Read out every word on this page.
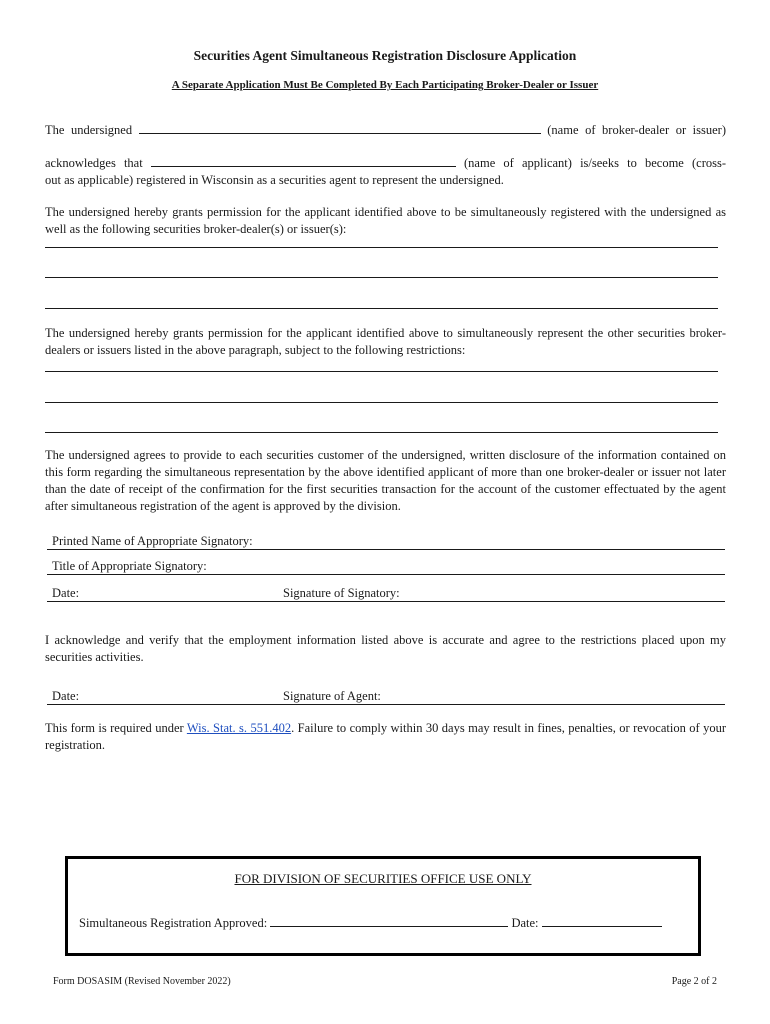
Securities Agent Simultaneous Registration Disclosure Application
A Separate Application Must Be Completed By Each Participating Broker-Dealer or Issuer
The undersigned	(name of broker-dealer or issuer)
acknowledges that	(name of applicant) is/seeks to become (cross-
out as applicable) registered in Wisconsin as a securities agent to represent the undersigned.
The undersigned hereby grants permission for the applicant identified above to be simultaneously registered with the undersigned as well as the following securities broker-dealer(s) or issuer(s):
The undersigned hereby grants permission for the applicant identified above to simultaneously represent the other securities broker-dealers or issuers listed in the above paragraph, subject to the following restrictions:
The undersigned agrees to provide to each securities customer of the undersigned, written disclosure of the information contained on this form regarding the simultaneous representation by the above identified applicant of more than one broker-dealer or issuer not later than the date of receipt of the confirmation for the first securities transaction for the account of the customer effectuated by the agent after simultaneous registration of the agent is approved by the division.
Printed Name of Appropriate Signatory:
Title of Appropriate Signatory:
Date:	Signature of Signatory:
I acknowledge and verify that the employment information listed above is accurate and agree to the restrictions placed upon my securities activities.
Date:	Signature of Agent:
This form is required under Wis. Stat. s. 551.402. Failure to comply within 30 days may result in fines, penalties, or revocation of your registration.
FOR DIVISION OF SECURITIES OFFICE USE ONLY
Simultaneous Registration Approved:	Date:
Form DOSASIM (Revised November 2022)	Page 2 of 2
